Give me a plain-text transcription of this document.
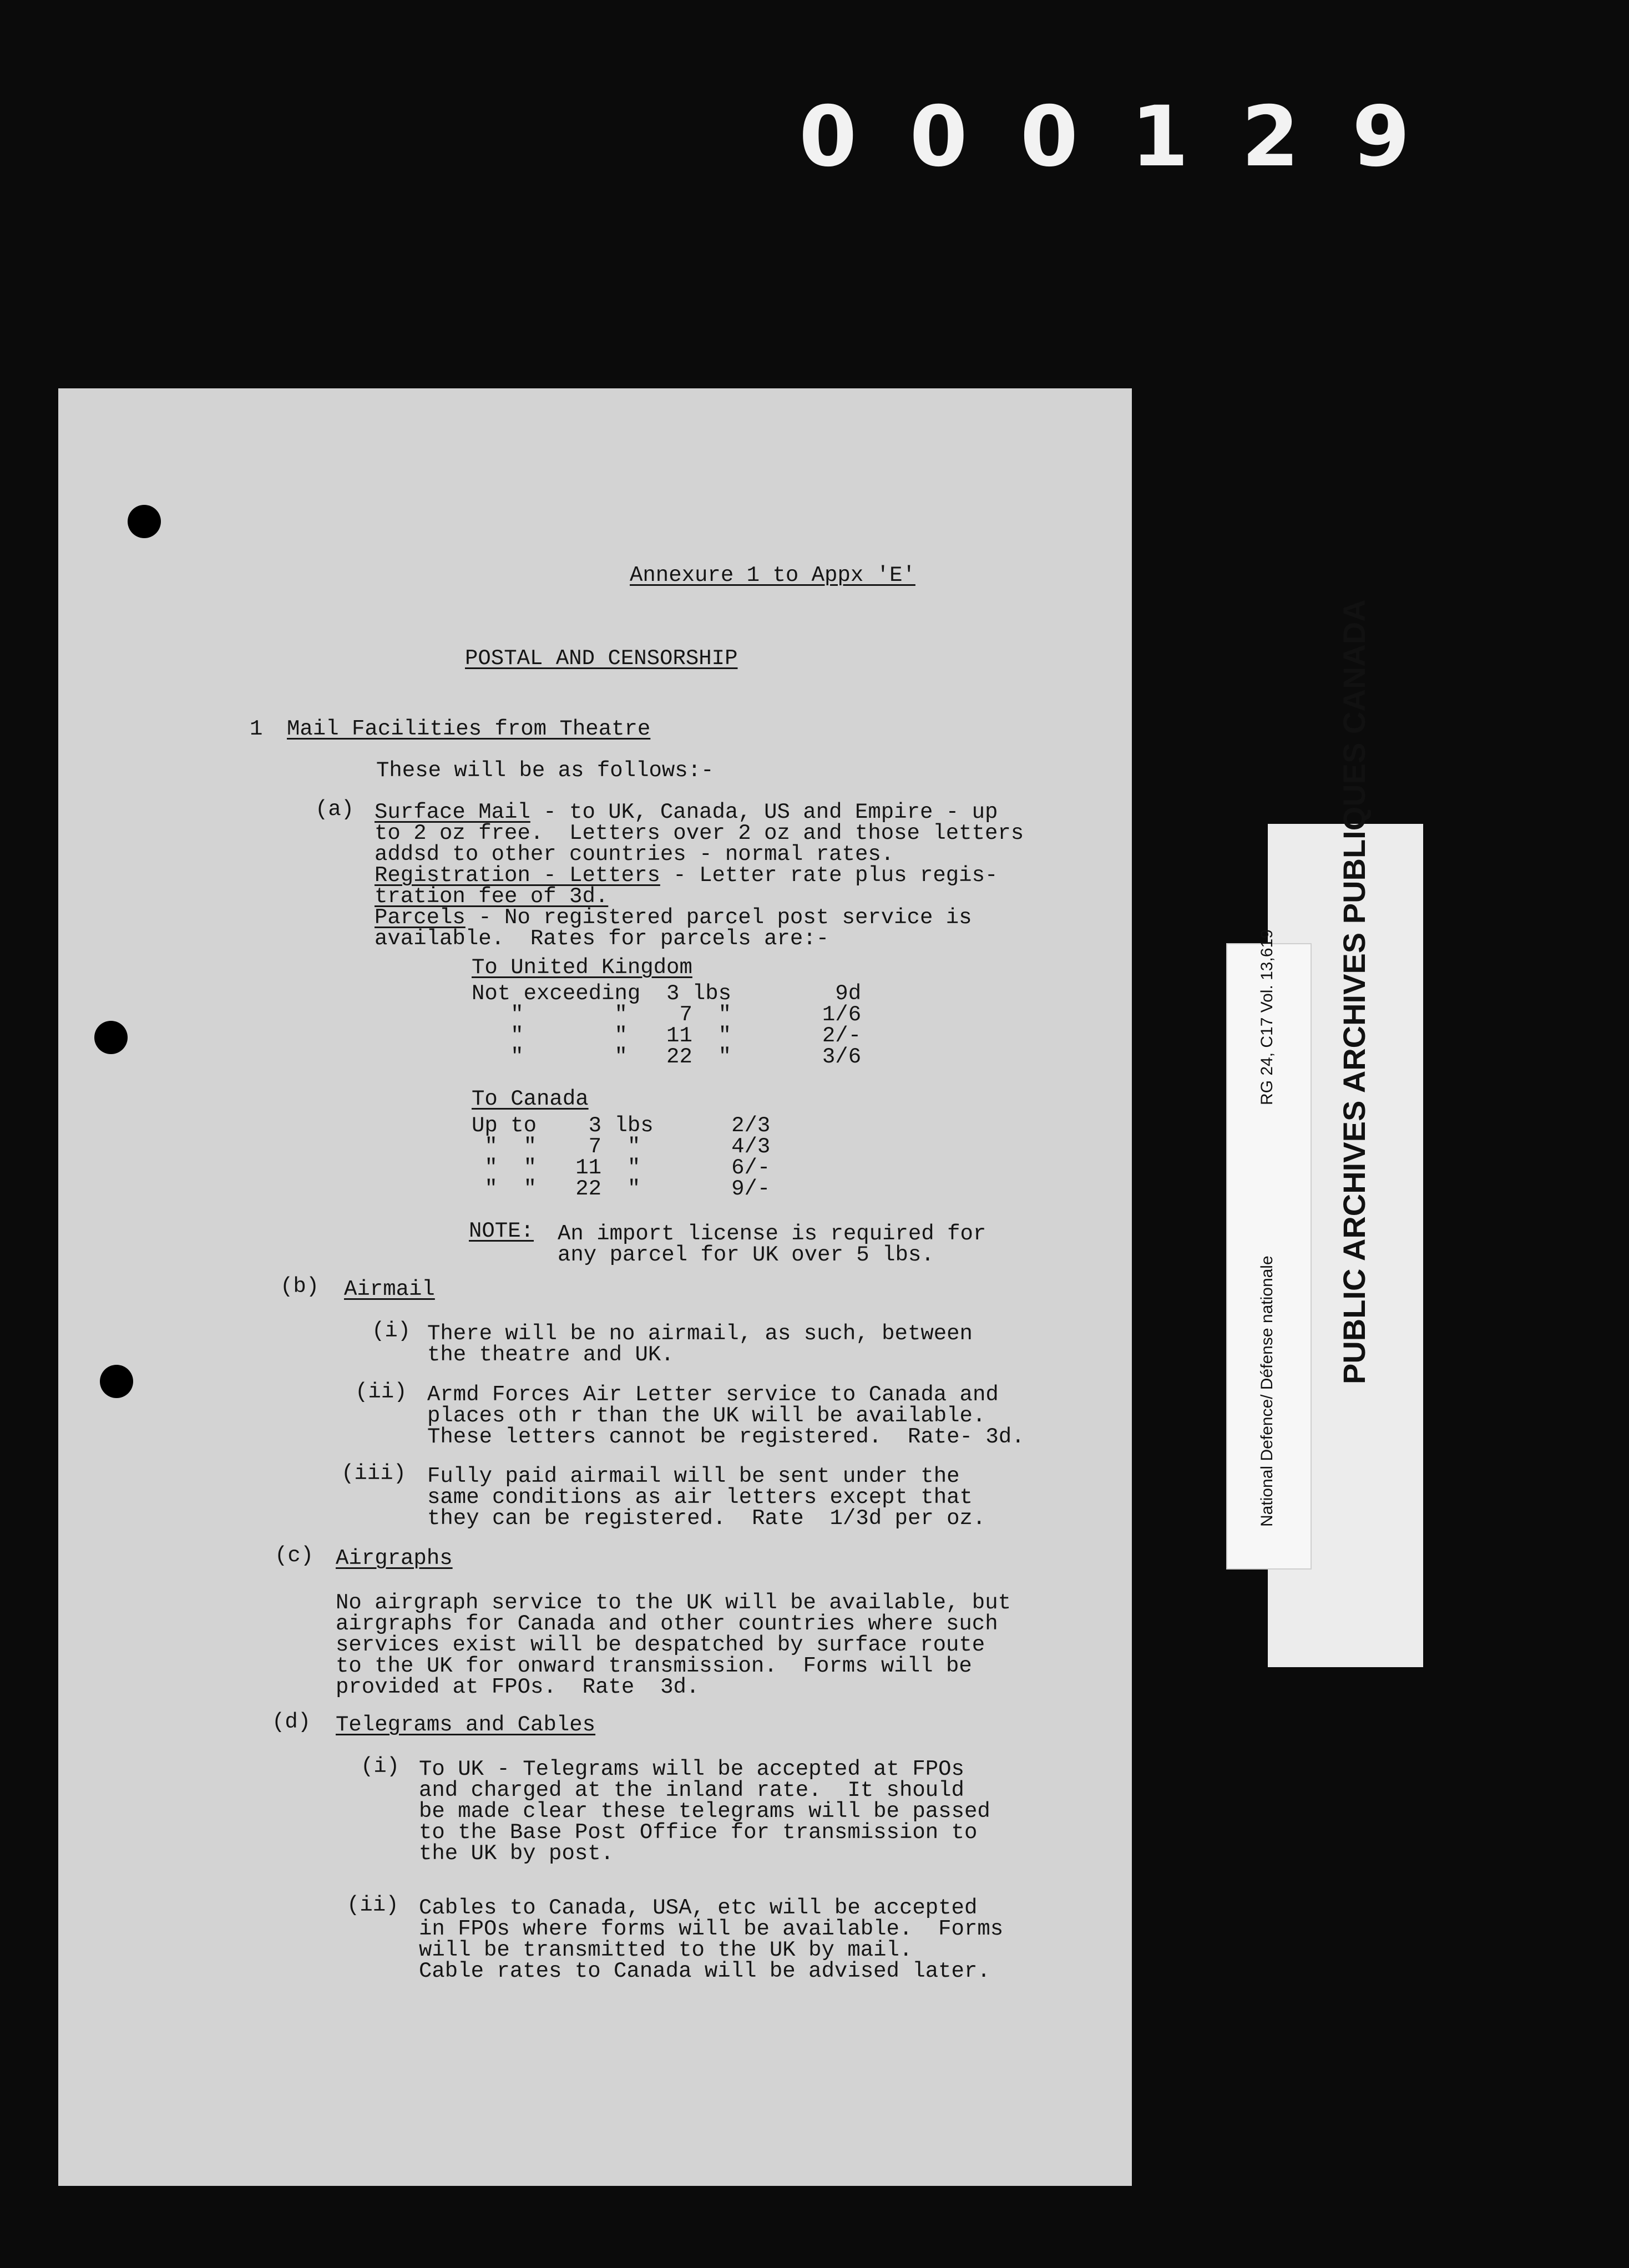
000129
Annexure 1 to Appx 'E'
POSTAL AND CENSORSHIP
1 Mail Facilities from Theatre
These will be as follows:-
(a) Surface Mail - to UK, Canada, US and Empire - up
to 2 oz free.  Letters over 2 oz and those letters
addsd to other countries - normal rates.
Registration - Letters - Letter rate plus regis-
tration fee of 3d.
Parcels - No registered parcel post service is
available.  Rates for parcels are:-
To United Kingdom
Not exceeding  3 lbs        9d
"       "    7  "       1/6
"       "   11  "       2/-
"       "   22  "       3/6
To Canada
Up to    3 lbs      2/3
"  "    7  "       4/3
"  "   11  "       6/-
"  "   22  "       9/-
NOTE: An import license is required for
any parcel for UK over 5 lbs.
(b) Airmail
(i) There will be no airmail, as such, between
the theatre and UK.
(ii) Armd Forces Air Letter service to Canada and
places oth r than the UK will be available.
These letters cannot be registered.  Rate- 3d.
(iii) Fully paid airmail will be sent under the
same conditions as air letters except that
they can be registered.  Rate  1/3d per oz.
(c) Airgraphs
No airgraph service to the UK will be available, but
airgraphs for Canada and other countries where such
services exist will be despatched by surface route
to the UK for onward transmission.  Forms will be
provided at FPOs.  Rate  3d.
(d) Telegrams and Cables
(i) To UK - Telegrams will be accepted at FPOs
and charged at the inland rate.  It should
be made clear these telegrams will be passed
to the Base Post Office for transmission to
the UK by post.
(ii) Cables to Canada, USA, etc will be accepted
in FPOs where forms will be available.  Forms
will be transmitted to the UK by mail.
Cable rates to Canada will be advised later.
PUBLIC ARCHIVES ARCHIVES PUBLIQUES CANADA
RG 24, C17 Vol. 13,619
National Defence/ Défense nationale
